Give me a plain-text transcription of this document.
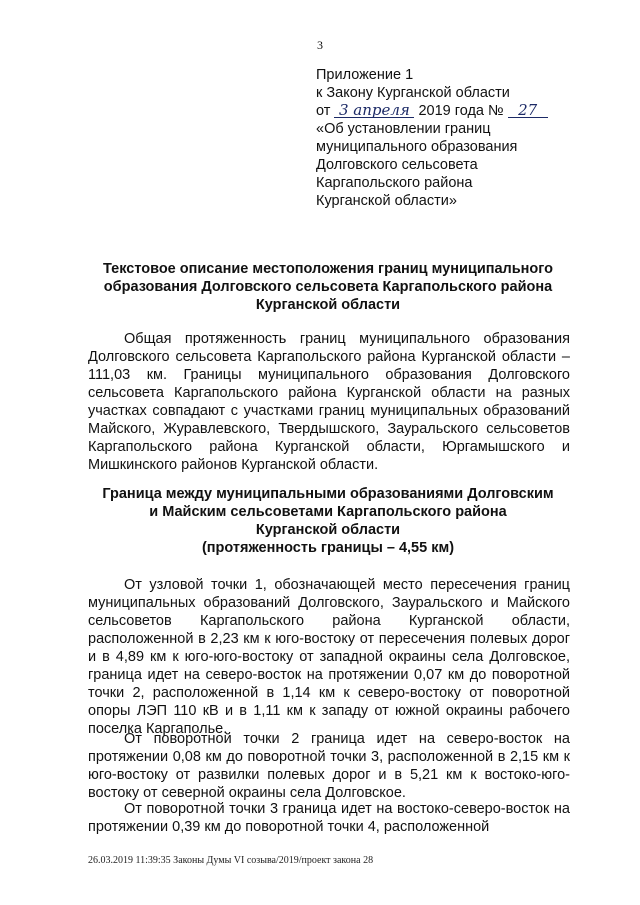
3
Приложение 1
к Закону Курганской области
от 3 апреля 2019 года № 27
«Об установлении границ
муниципального образования
Долговского сельсовета
Каргапольского района
Курганской области»
Текстовое описание местоположения границ муниципального образования Долговского сельсовета Каргапольского района Курганской области
Общая протяженность границ муниципального образования Долговского сельсовета Каргапольского района Курганской области – 111,03 км. Границы муниципального образования Долговского сельсовета Каргапольского района Курганской области на разных участках совпадают с участками границ муниципальных образований Майского, Журавлевского, Твердышского, Зауральского сельсоветов Каргапольского района Курганской области, Юргамышского и Мишкинского районов Курганской области.
Граница между муниципальными образованиями Долговским
и Майским сельсоветами Каргапольского района
Курганской области
(протяженность границы – 4,55 км)
От узловой точки 1, обозначающей место пересечения границ муниципальных образований Долговского, Зауральского и Майского сельсоветов Каргапольского района Курганской области, расположенной в 2,23 км к юго-востоку от пересечения полевых дорог и в 4,89 км к юго-юго-востоку от западной окраины села Долговское, граница идет на северо-восток на протяжении 0,07 км до поворотной точки 2, расположенной в 1,14 км к северо-востоку от поворотной опоры ЛЭП 110 кВ и в 1,11 км к западу от южной окраины рабочего поселка Каргаполье.
От поворотной точки 2 граница идет на северо-восток на протяжении 0,08 км до поворотной точки 3, расположенной в 2,15 км к юго-востоку от развилки полевых дорог и в 5,21 км к востоко-юго-востоку от северной окраины села Долговское.
От поворотной точки 3 граница идет на востоко-северо-восток на протяжении 0,39 км до поворотной точки 4, расположенной
26.03.2019 11:39:35 Законы Думы VI созыва/2019/проект закона 28
